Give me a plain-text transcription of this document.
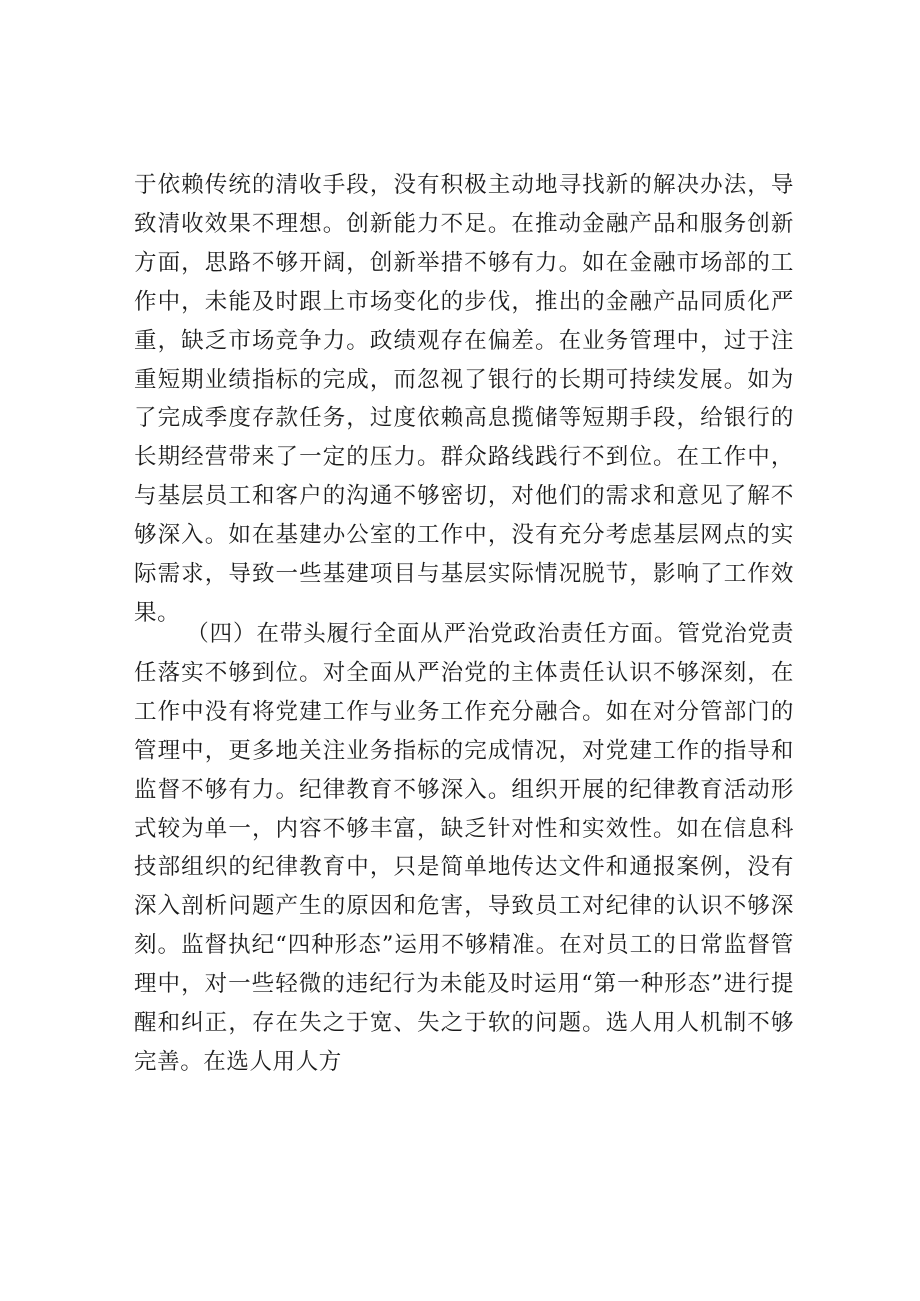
于依赖传统的清收手段，没有积极主动地寻找新的解决办法，导致清收效果不理想。创新能力不足。在推动金融产品和服务创新方面，思路不够开阔，创新举措不够有力。如在金融市场部的工作中，未能及时跟上市场变化的步伐，推出的金融产品同质化严重，缺乏市场竞争力。政绩观存在偏差。在业务管理中，过于注重短期业绩指标的完成，而忽视了银行的长期可持续发展。如为了完成季度存款任务，过度依赖高息揽储等短期手段，给银行的长期经营带来了一定的压力。群众路线践行不到位。在工作中，与基层员工和客户的沟通不够密切，对他们的需求和意见了解不够深入。如在基建办公室的工作中，没有充分考虑基层网点的实际需求，导致一些基建项目与基层实际情况脱节，影响了工作效果。

（四）在带头履行全面从严治党政治责任方面。管党治党责任落实不够到位。对全面从严治党的主体责任认识不够深刻，在工作中没有将党建工作与业务工作充分融合。如在对分管部门的管理中，更多地关注业务指标的完成情况，对党建工作的指导和监督不够有力。纪律教育不够深入。组织开展的纪律教育活动形式较为单一，内容不够丰富，缺乏针对性和实效性。如在信息科技部组织的纪律教育中，只是简单地传达文件和通报案例，没有深入剖析问题产生的原因和危害，导致员工对纪律的认识不够深刻。监督执纪“四种形态”运用不够精准。在对员工的日常监督管理中，对一些轻微的违纪行为未能及时运用“第一种形态”进行提醒和纠正，存在失之于宽、失之于软的问题。选人用人机制不够完善。在选人用人方
